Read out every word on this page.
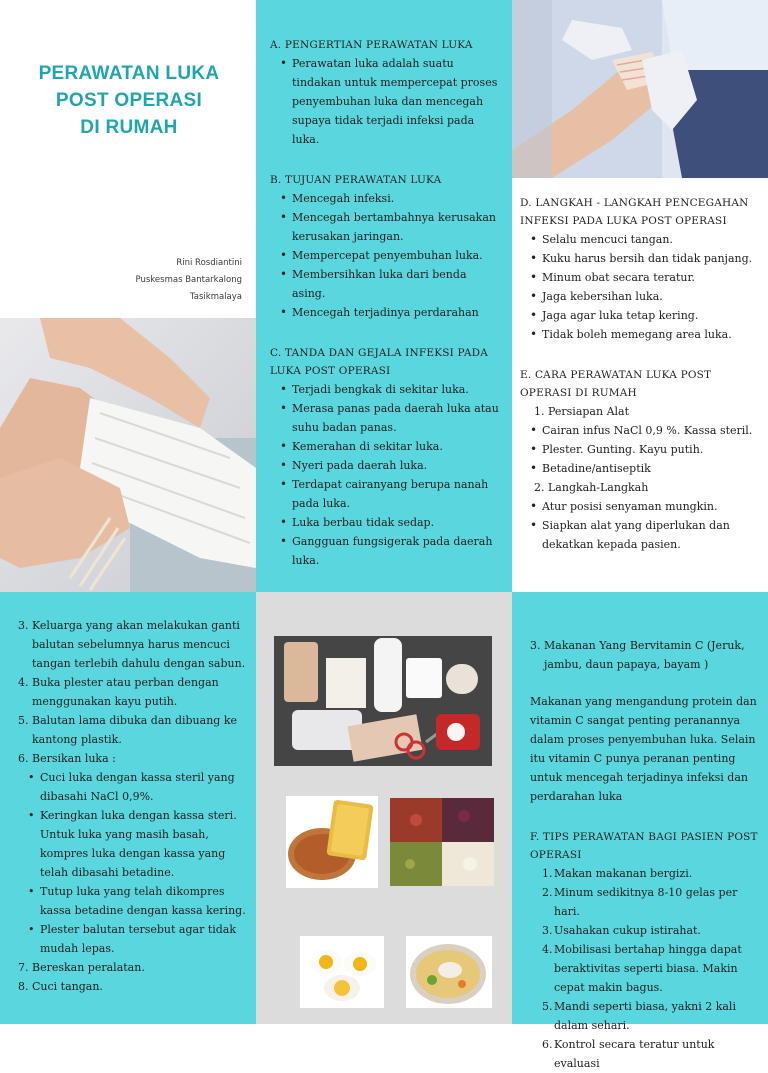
PERAWATAN LUKA
POST OPERASI
DI RUMAH
Rini Rosdiantini
Puskesmas Bantarkalong
Tasikmalaya
A. PENGERTIAN PERAWATAN LUKA
• Perawatan luka adalah suatu tindakan untuk mempercepat proses penyembuhan luka dan mencegah supaya tidak terjadi infeksi pada luka.
B. TUJUAN PERAWATAN LUKA
• Mencegah infeksi.
• Mencegah bertambahnya kerusakan kerusakan jaringan.
• Mempercepat penyembuhan luka.
• Membersihkan luka dari benda asing.
• Mencegah terjadinya perdarahan
C. TANDA DAN GEJALA INFEKSI PADA LUKA POST OPERASI
• Terjadi bengkak di sekitar luka.
• Merasa panas pada daerah luka atau suhu badan panas.
• Kemerahan di sekitar luka.
• Nyeri pada daerah luka.
• Terdapat cairanyang berupa nanah pada luka.
• Luka berbau tidak sedap.
• Gangguan fungsigerak pada daerah luka.
D. LANGKAH - LANGKAH PENCEGAHAN INFEKSI PADA LUKA POST OPERASI
• Selalu mencuci tangan.
• Kuku harus bersih dan tidak panjang.
• Minum obat secara teratur.
• Jaga kebersihan luka.
• Jaga agar luka tetap kering.
• Tidak boleh memegang area luka.
E. CARA PERAWATAN LUKA POST OPERASI DI RUMAH
1. Persiapan Alat
• Cairan infus NaCl 0,9 %. Kassa steril.
• Plester. Gunting. Kayu putih.
• Betadine/antiseptik
2. Langkah-Langkah
• Atur posisi senyaman mungkin.
• Siapkan alat yang diperlukan dan dekatkan kepada pasien.
3. Keluarga yang akan melakukan ganti balutan sebelumnya harus mencuci tangan terlebih dahulu dengan sabun.
4. Buka plester atau perban dengan menggunakan kayu putih.
5. Balutan lama dibuka dan dibuang ke kantong plastik.
6. Bersikan luka :
• Cuci luka dengan kassa steril yang dibasahi NaCl 0,9%.
• Keringkan luka dengan kassa steri. Untuk luka yang masih basah, kompres luka dengan kassa yang telah dibasahi betadine.
• Tutup luka yang telah dikompres kassa betadine dengan kassa kering.
• Plester balutan tersebut agar tidak mudah lepas.
7. Bereskan peralatan.
8. Cuci tangan.
3. Makanan Yang Bervitamin C (Jeruk, jambu, daun papaya, bayam )
Makanan yang mengandung protein dan vitamin C sangat penting peranannya dalam proses penyembuhan luka. Selain itu vitamin C punya peranan penting untuk mencegah terjadinya infeksi dan perdarahan luka
F. TIPS PERAWATAN BAGI PASIEN POST OPERASI
1. Makan makanan bergizi.
2. Minum sedikitnya 8-10 gelas per hari.
3. Usahakan cukup istirahat.
4. Mobilisasi bertahap hingga dapat beraktivitas seperti biasa. Makin cepat makin bagus.
5. Mandi seperti biasa, yakni 2 kali dalam sehari.
6. Kontrol secara teratur untuk evaluasi
